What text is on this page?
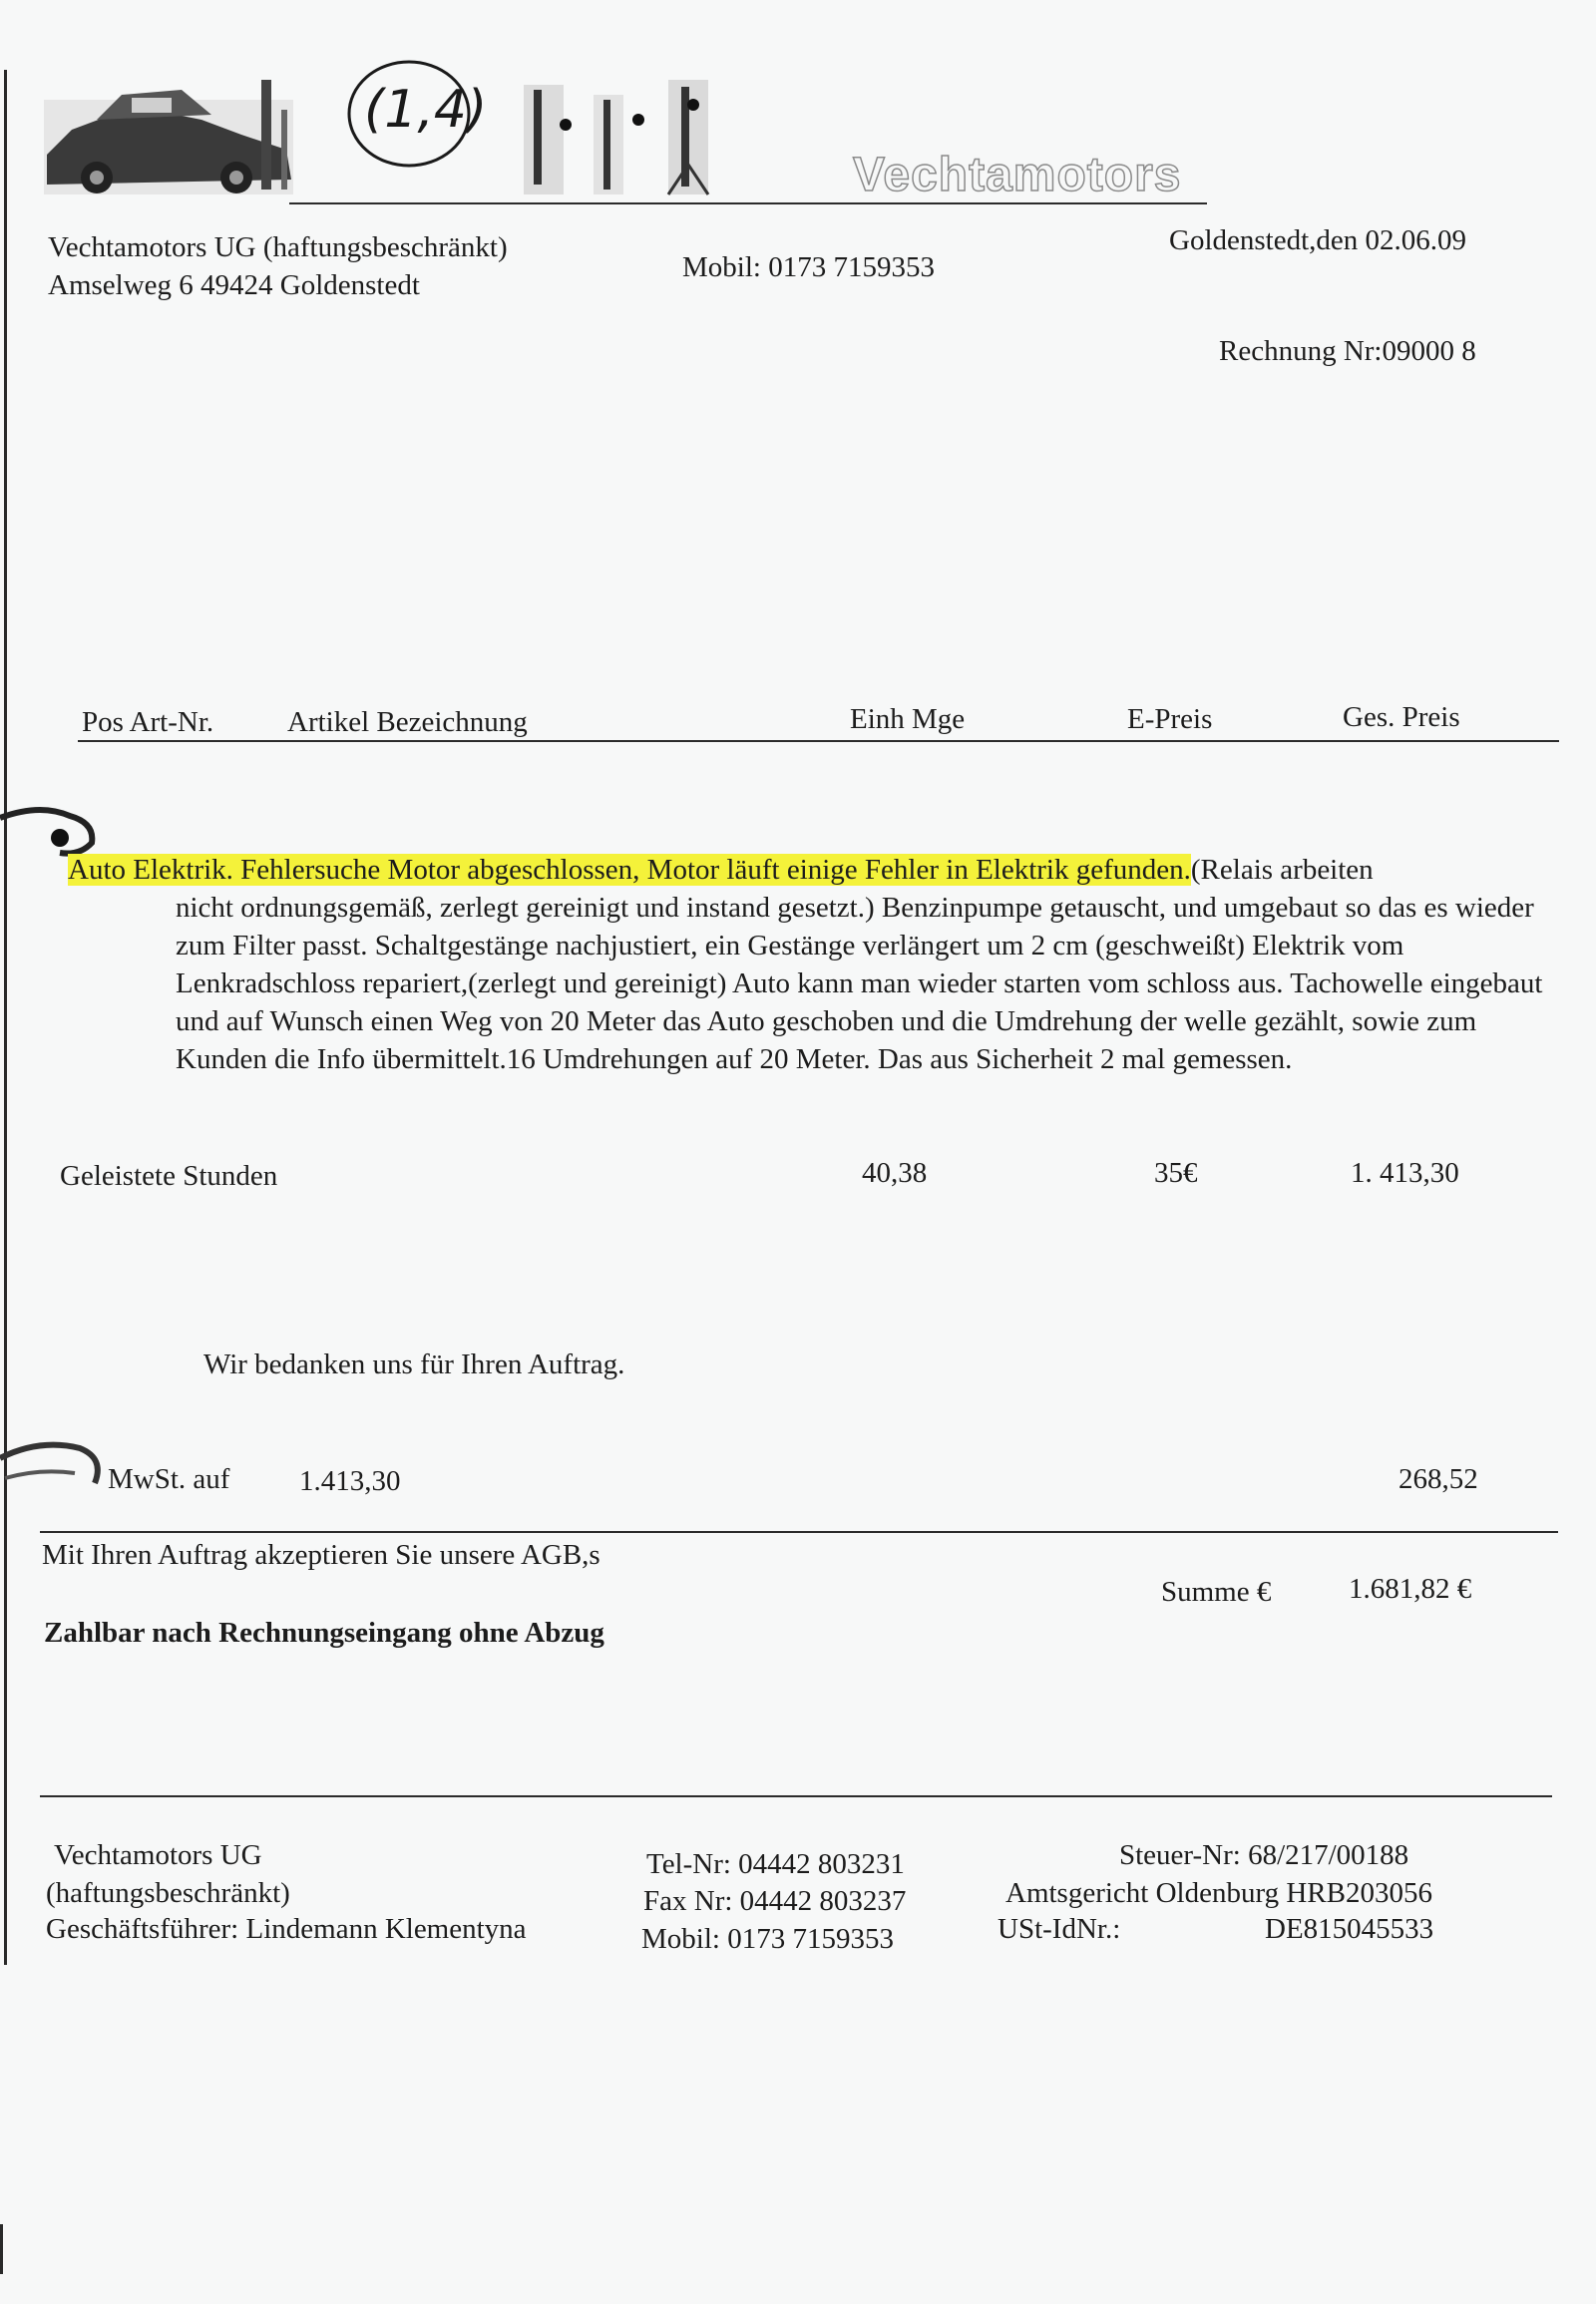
(1,4)
Vechtamotors
Vechtamotors UG (haftungsbeschränkt)
Amselweg 6 49424 Goldenstedt
Mobil: 0173 7159353
Goldenstedt,den 02.06.09
Rechnung Nr:09000 8
Pos Art-Nr.	Artikel Bezeichnung	Einh Mge	E-Preis	Ges. Preis
Auto Elektrik. Fehlersuche Motor abgeschlossen, Motor läuft einige Fehler in Elektrik gefunden.(Relais arbeiten
nicht ordnungsgemäß, zerlegt gereinigt und instand gesetzt.) Benzinpumpe getauscht, und umgebaut so das es wieder zum Filter passt. Schaltgestänge nachjustiert, ein Gestänge verlängert um 2 cm (geschweißt) Elektrik vom Lenkradschloss repariert,(zerlegt und gereinigt) Auto kann man wieder starten vom schloss aus. Tachowelle eingebaut und auf Wunsch einen Weg von 20 Meter das Auto geschoben und die Umdrehung der welle gezählt, sowie zum Kunden die Info übermittelt.16 Umdrehungen auf 20 Meter. Das aus Sicherheit 2 mal gemessen.
Geleistete Stunden	40,38	35€	1. 413,30
Wir bedanken uns für Ihren Auftrag.
MwSt. auf 1.413,30	268,52
Mit Ihren Auftrag akzeptieren Sie unsere AGB,s
Summe €	1.681,82 €
Zahlbar nach Rechnungseingang ohne Abzug
Vechtamotors UG
(haftungsbeschränkt)
Geschäftsführer: Lindemann Klementyna
Tel-Nr: 04442 803231
Fax Nr: 04442 803237
Mobil: 0173 7159353
Steuer-Nr: 68/217/00188
Amtsgericht Oldenburg HRB203056
USt-IdNr.:	DE815045533
